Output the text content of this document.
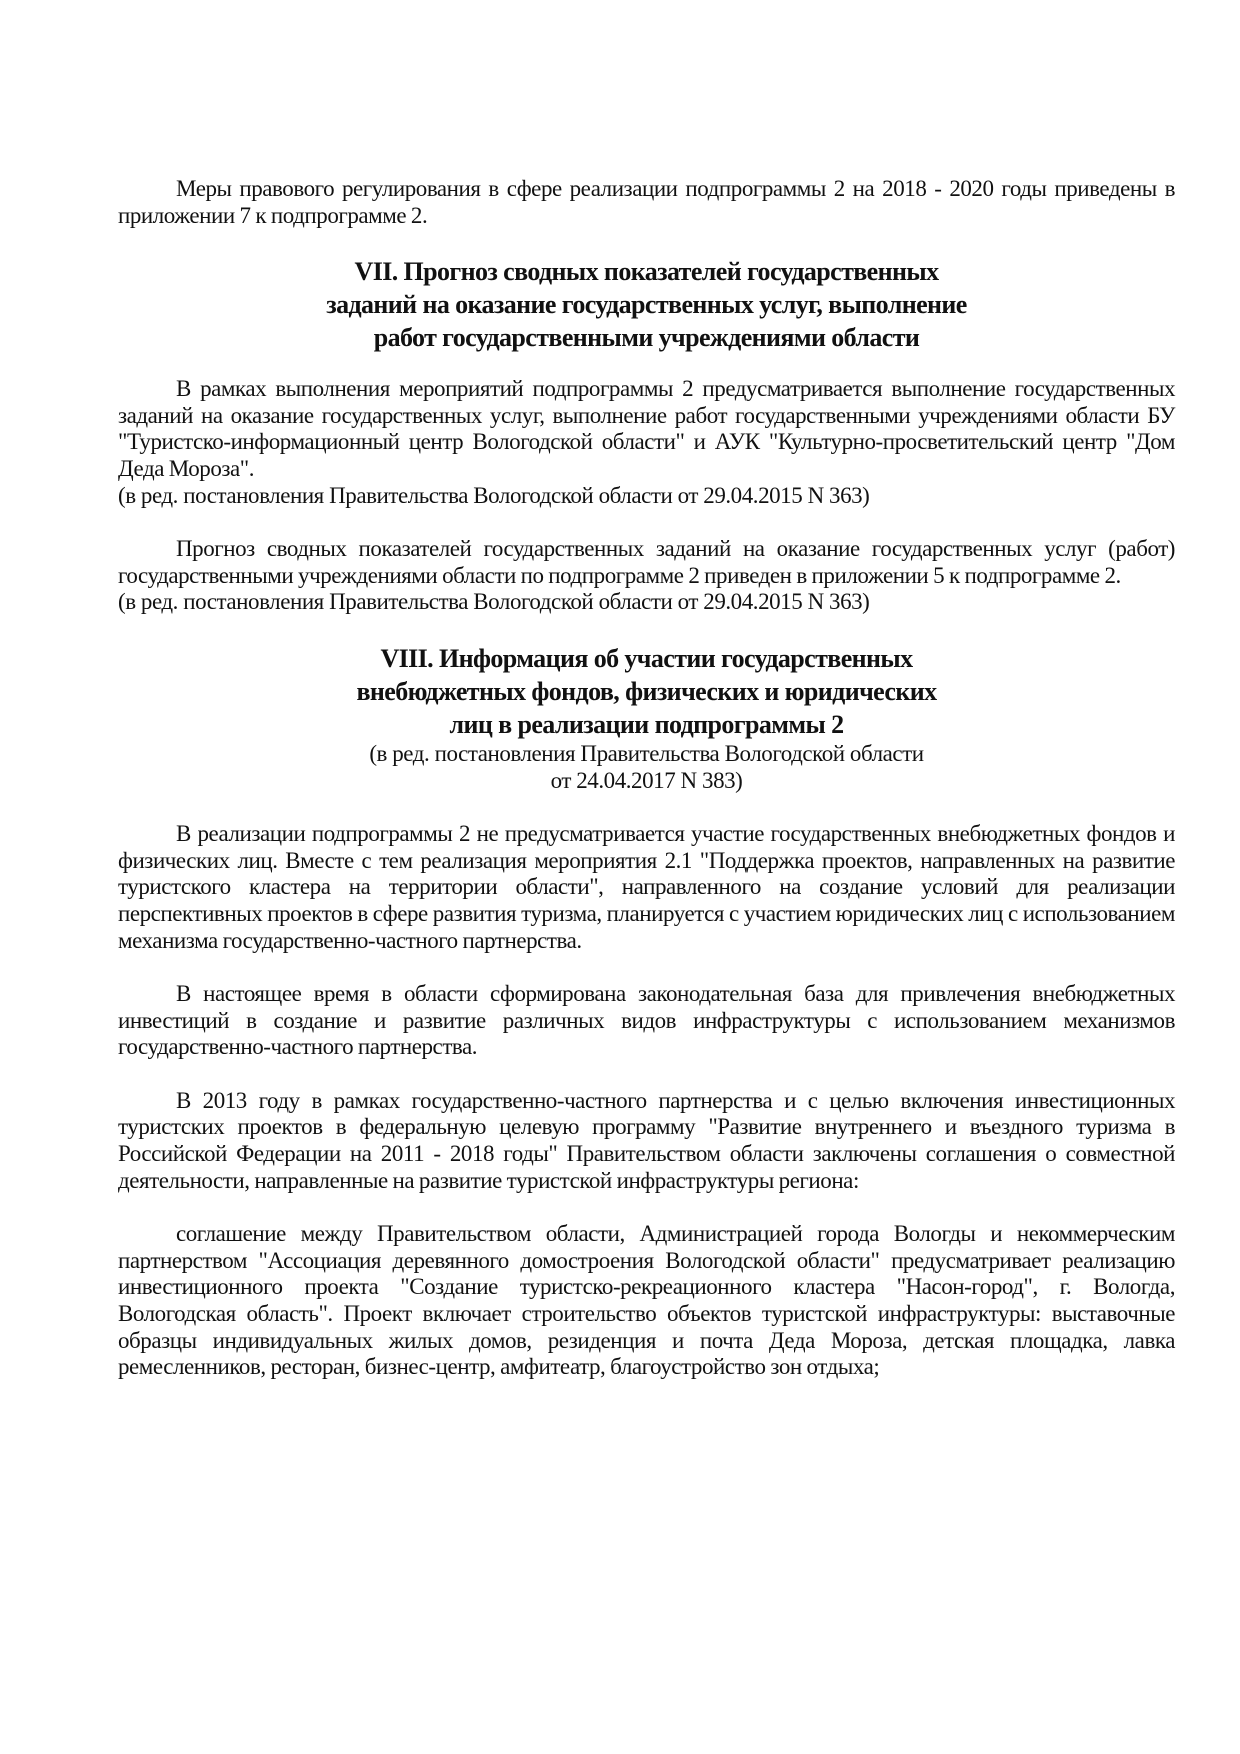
Меры правового регулирования в сфере реализации подпрограммы 2 на 2018 - 2020 годы приведены в приложении 7 к подпрограмме 2.

VII. Прогноз сводных показателей государственных

заданий на оказание государственных услуг, выполнение

работ государственными учреждениями области

В рамках выполнения мероприятий подпрограммы 2 предусматривается выполнение государственных заданий на оказание государственных услуг, выполнение работ государственными учреждениями области БУ "Туристско-информационный центр Вологодской области" и АУК "Культурно-просветительский центр "Дом Деда Мороза".

(в ред. постановления Правительства Вологодской области от 29.04.2015 N 363)

Прогноз сводных показателей государственных заданий на оказание государственных услуг (работ) государственными учреждениями области по подпрограмме 2 приведен в приложении 5 к подпрограмме 2.

(в ред. постановления Правительства Вологодской области от 29.04.2015 N 363)

VIII. Информация об участии государственных

внебюджетных фондов, физических и юридических

лиц в реализации подпрограммы 2

(в ред. постановления Правительства Вологодской области

от 24.04.2017 N 383)

В реализации подпрограммы 2 не предусматривается участие государственных внебюджетных фондов и физических лиц. Вместе с тем реализация мероприятия 2.1 "Поддержка проектов, направленных на развитие туристского кластера на территории области", направленного на создание условий для реализации перспективных проектов в сфере развития туризма, планируется с участием юридических лиц с использованием механизма государственно-частного партнерства.

В настоящее время в области сформирована законодательная база для привлечения внебюджетных инвестиций в создание и развитие различных видов инфраструктуры с использованием механизмов государственно-частного партнерства.

В 2013 году в рамках государственно-частного партнерства и с целью включения инвестиционных туристских проектов в федеральную целевую программу "Развитие внутреннего и въездного туризма в Российской Федерации на 2011 - 2018 годы" Правительством области заключены соглашения о совместной деятельности, направленные на развитие туристской инфраструктуры региона:

соглашение между Правительством области, Администрацией города Вологды и некоммерческим партнерством "Ассоциация деревянного домостроения Вологодской области" предусматривает реализацию инвестиционного проекта "Создание туристско-рекреационного кластера "Насон-город", г. Вологда, Вологодская область". Проект включает строительство объектов туристской инфраструктуры: выставочные образцы индивидуальных жилых домов, резиденция и почта Деда Мороза, детская площадка, лавка ремесленников, ресторан, бизнес-центр, амфитеатр, благоустройство зон отдыха;
